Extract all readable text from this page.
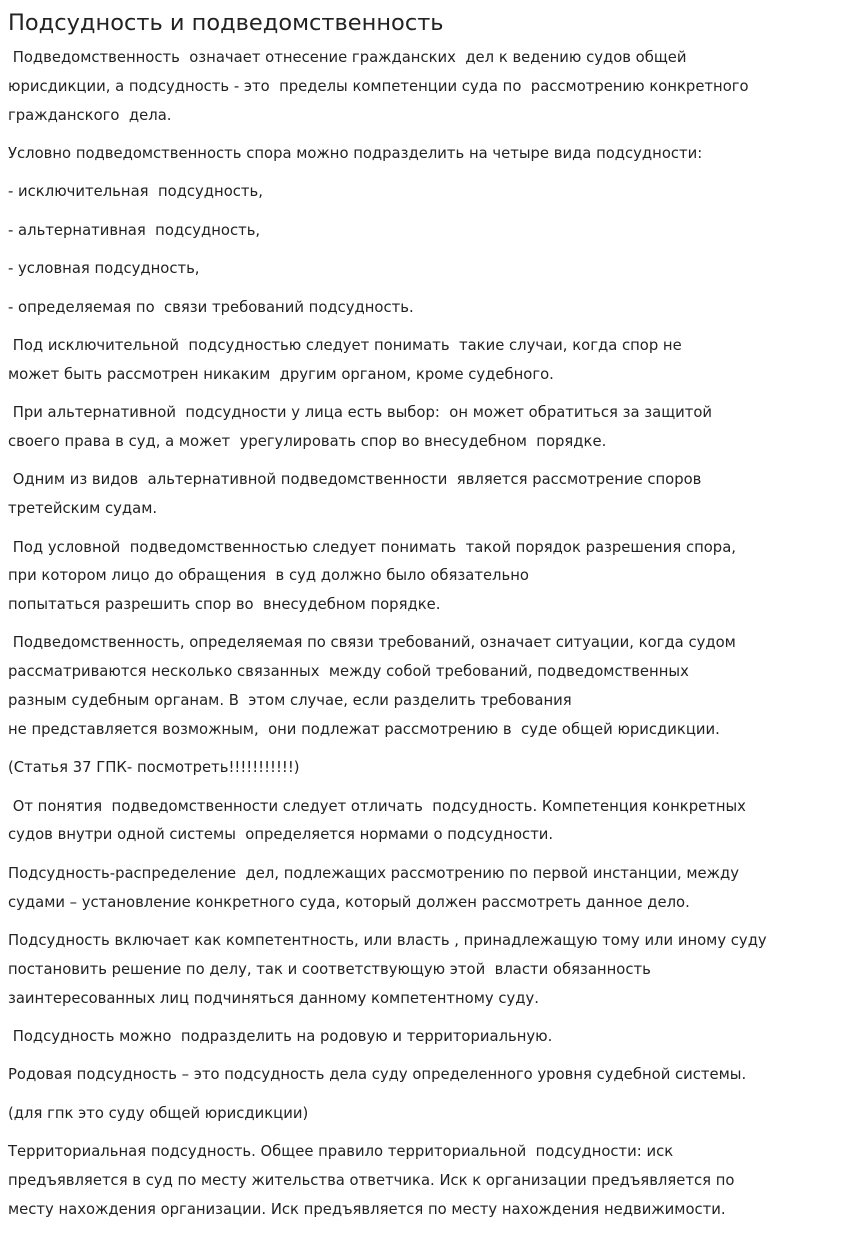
Подсудность и подведомственность

Подведомственность  означает отнесение гражданских  дел к ведению судов общей
юрисдикции, а подсудность - это  пределы компетенции суда по  рассмотрению конкретного
гражданского  дела.

Условно подведомственность спора можно подразделить на четыре вида подсудности:

- исключительная  подсудность,

- альтернативная  подсудность,

- условная подсудность,

- определяемая по  связи требований подсудность.

Под исключительной  подсудностью следует понимать  такие случаи, когда спор не
может быть рассмотрен никаким  другим органом, кроме судебного.

При альтернативной  подсудности у лица есть выбор:  он может обратиться за защитой
своего права в суд, а может  урегулировать спор во внесудебном  порядке.

Одним из видов  альтернативной подведомственности  является рассмотрение споров
третейским судам.

Под условной  подведомственностью следует понимать  такой порядок разрешения спора,
при котором лицо до обращения  в суд должно было обязательно
попытаться разрешить спор во  внесудебном порядке.

Подведомственность, определяемая по связи требований, означает ситуации, когда судом
рассматриваются несколько связанных  между собой требований, подведомственных
разным судебным органам. В  этом случае, если разделить требования
не представляется возможным,  они подлежат рассмотрению в  суде общей юрисдикции.

(Статья 37 ГПК- посмотреть!!!!!!!!!!!)

От понятия  подведомственности следует отличать  подсудность. Компетенция конкретных
судов внутри одной системы  определяется нормами о подсудности.

Подсудность-распределение  дел, подлежащих рассмотрению по первой инстанции, между
судами – установление конкретного суда, который должен рассмотреть данное дело.

Подсудность включает как компетентность, или власть , принадлежащую тому или иному суду
постановить решение по делу, так и соответствующую этой  власти обязанность
заинтересованных лиц подчиняться данному компетентному суду.

Подсудность можно  подразделить на родовую и территориальную.

Родовая подсудность – это подсудность дела суду определенного уровня судебной системы.

(для гпк это суду общей юрисдикции)

Территориальная подсудность. Общее правило территориальной  подсудности: иск
предъявляется в суд по месту жительства ответчика. Иск к организации предъявляется по
месту нахождения организации. Иск предъявляется по месту нахождения недвижимости.
